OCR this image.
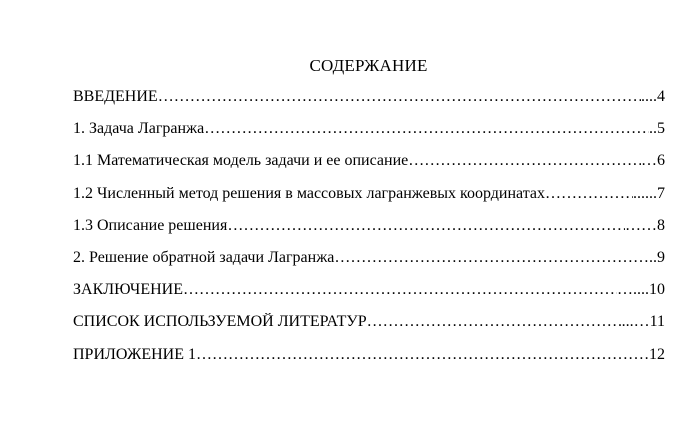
СОДЕРЖАНИЕ
ВВЕДЕНИЕ ………………………………………………………………………………………………………………………………	....4
1. Задача Лагранжа ………………………………………………………………………………………………………………………………	..5
1.1 Математическая модель задачи и ее описание ………………………………………………………………………………………………………………………………	…6
1.2 Численный метод решения в массовых лагранжевых координатах ………………………………………………………………………………………………………………………………	......7
1.3 Описание решения ………………………………………………………………………………………………………………………………	……8
2. Решение обратной задачи Лагранжа ………………………………………………………………………………………………………………………………	…..9
ЗАКЛЮЧЕНИЕ ………………………………………………………………………………………………………………………………	…....10
СПИСОК ИСПОЛЬЗУЕМОЙ ЛИТЕРАТУР ………………………………………………………………………………………………………………………………	...…11
ПРИЛОЖЕНИЕ 1 ………………………………………………………………………………………………………………………………	12
